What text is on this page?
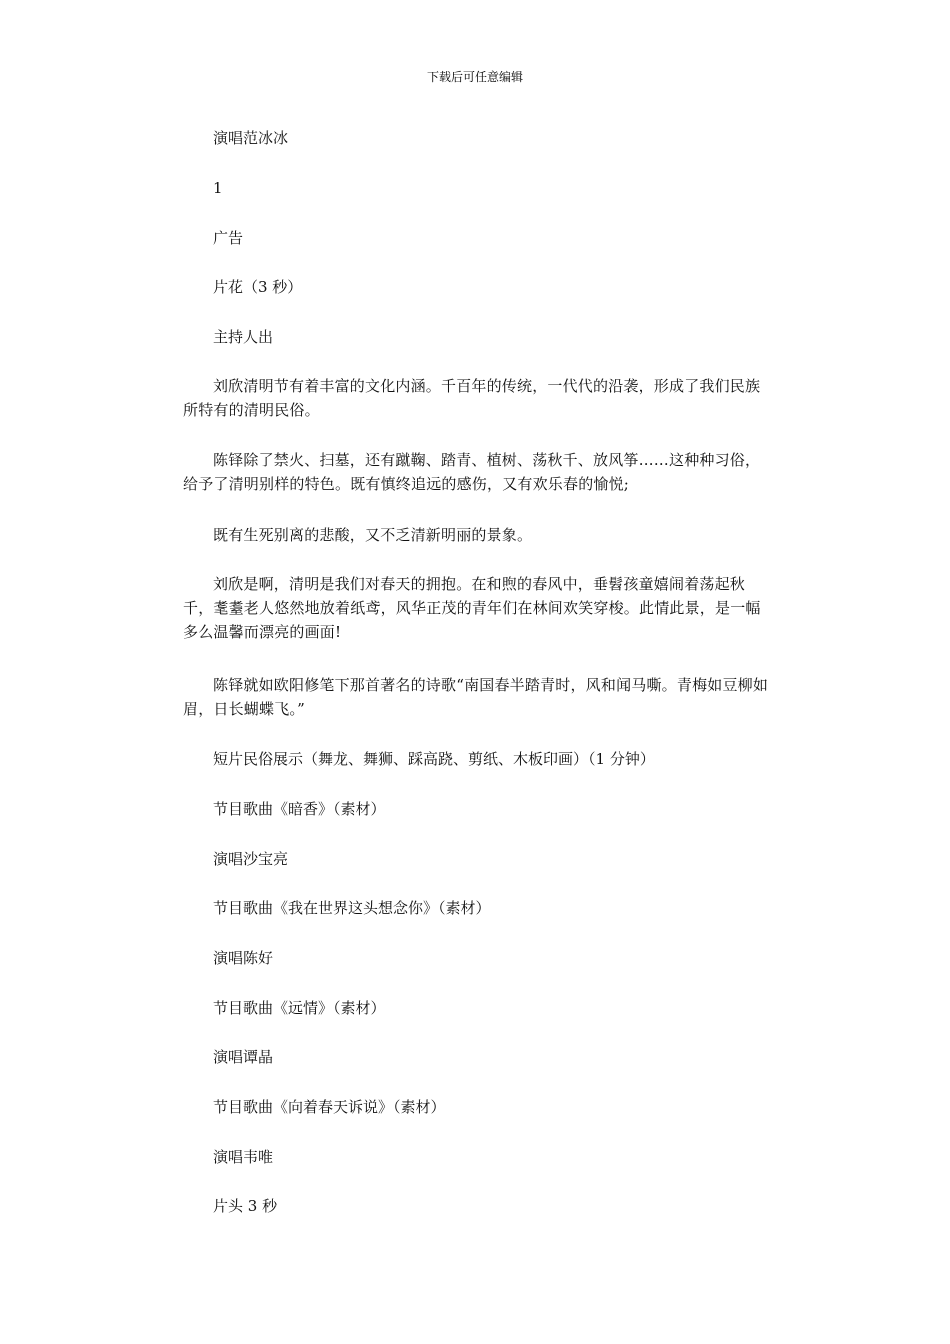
下载后可任意编辑
演唱范冰冰
1
广告
片花（3 秒）
主持人出
刘欣清明节有着丰富的文化内涵。千百年的传统，一代代的沿袭，形成了我们民族所特有的清明民俗。
陈铎除了禁火、扫墓，还有蹴鞠、踏青、植树、荡秋千、放风筝……这种种习俗，给予了清明别样的特色。既有慎终追远的感伤，又有欢乐春的愉悦;
既有生死别离的悲酸，又不乏清新明丽的景象。
刘欣是啊，清明是我们对春天的拥抱。在和煦的春风中，垂髫孩童嬉闹着荡起秋千，耄耋老人悠然地放着纸鸢，风华正茂的青年们在林间欢笑穿梭。此情此景，是一幅多么温馨而漂亮的画面!
陈铎就如欧阳修笔下那首著名的诗歌“南国春半踏青时，风和闻马嘶。青梅如豆柳如眉，日长蝴蝶飞。”
短片民俗展示（舞龙、舞狮、踩高跷、剪纸、木板印画）（1 分钟）
节目歌曲《暗香》（素材）
演唱沙宝亮
节目歌曲《我在世界这头想念你》（素材）
演唱陈好
节目歌曲《远情》（素材）
演唱谭晶
节目歌曲《向着春天诉说》（素材）
演唱韦唯
片头 3 秒
